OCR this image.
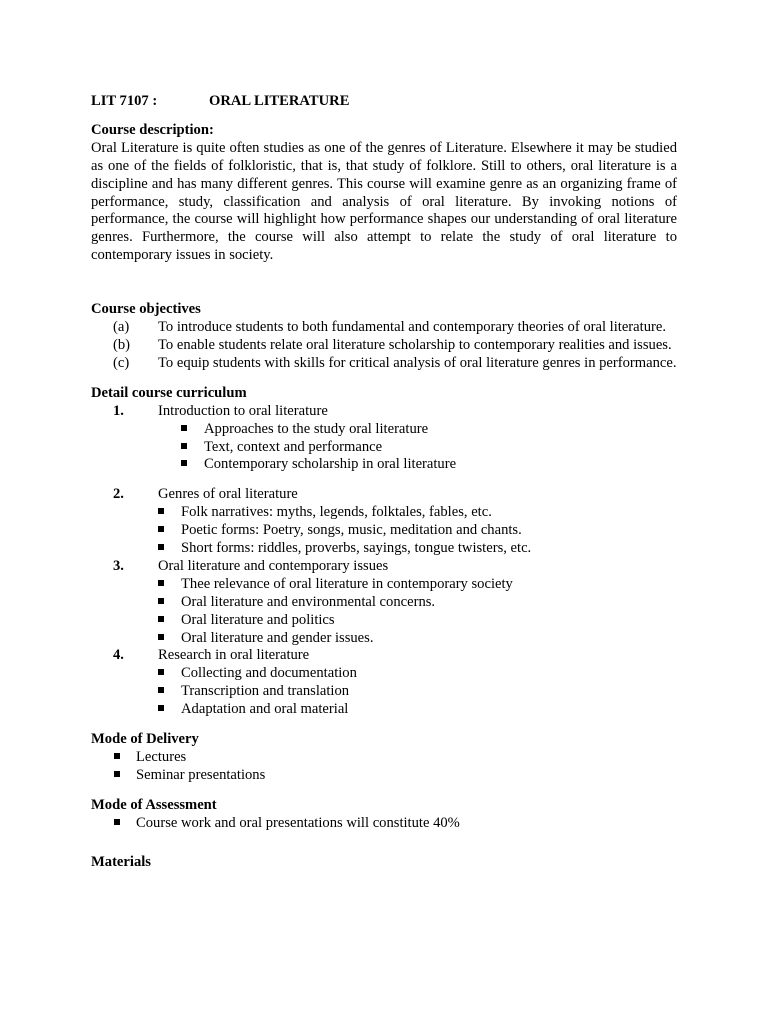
LIT 7107 :	ORAL LITERATURE
Course description:
Oral Literature is quite often studies as one of the genres of Literature. Elsewhere it may be studied as one of the fields of folkloristic, that is, that study of folklore. Still to others, oral literature is a discipline and has many different genres. This course will examine genre as an organizing frame of performance, study, classification and analysis of oral literature. By invoking notions of performance, the course will highlight how performance shapes our understanding of oral literature genres. Furthermore, the course will also attempt to relate the study of oral literature to contemporary issues in society.
Course objectives
(a)	To introduce students to both fundamental and contemporary theories of oral literature.
(b)	To enable students relate oral literature scholarship to contemporary realities and issues.
(c)	To equip students with skills for critical analysis of oral literature genres in performance.
Detail course curriculum
1.	Introduction to oral literature
Approaches to the study oral literature
Text, context and performance
Contemporary scholarship in oral literature
2.	Genres of oral literature
Folk narratives: myths, legends, folktales, fables, etc.
Poetic forms: Poetry, songs, music, meditation and chants.
Short forms: riddles, proverbs, sayings, tongue twisters, etc.
3.	Oral literature and contemporary issues
Thee relevance of oral literature in contemporary society
Oral literature and environmental concerns.
Oral literature and politics
Oral literature and gender issues.
4.	Research in oral literature
Collecting and documentation
Transcription and translation
Adaptation and oral material
Mode of Delivery
Lectures
Seminar presentations
Mode of Assessment
Course work and oral presentations will constitute 40%
Materials
